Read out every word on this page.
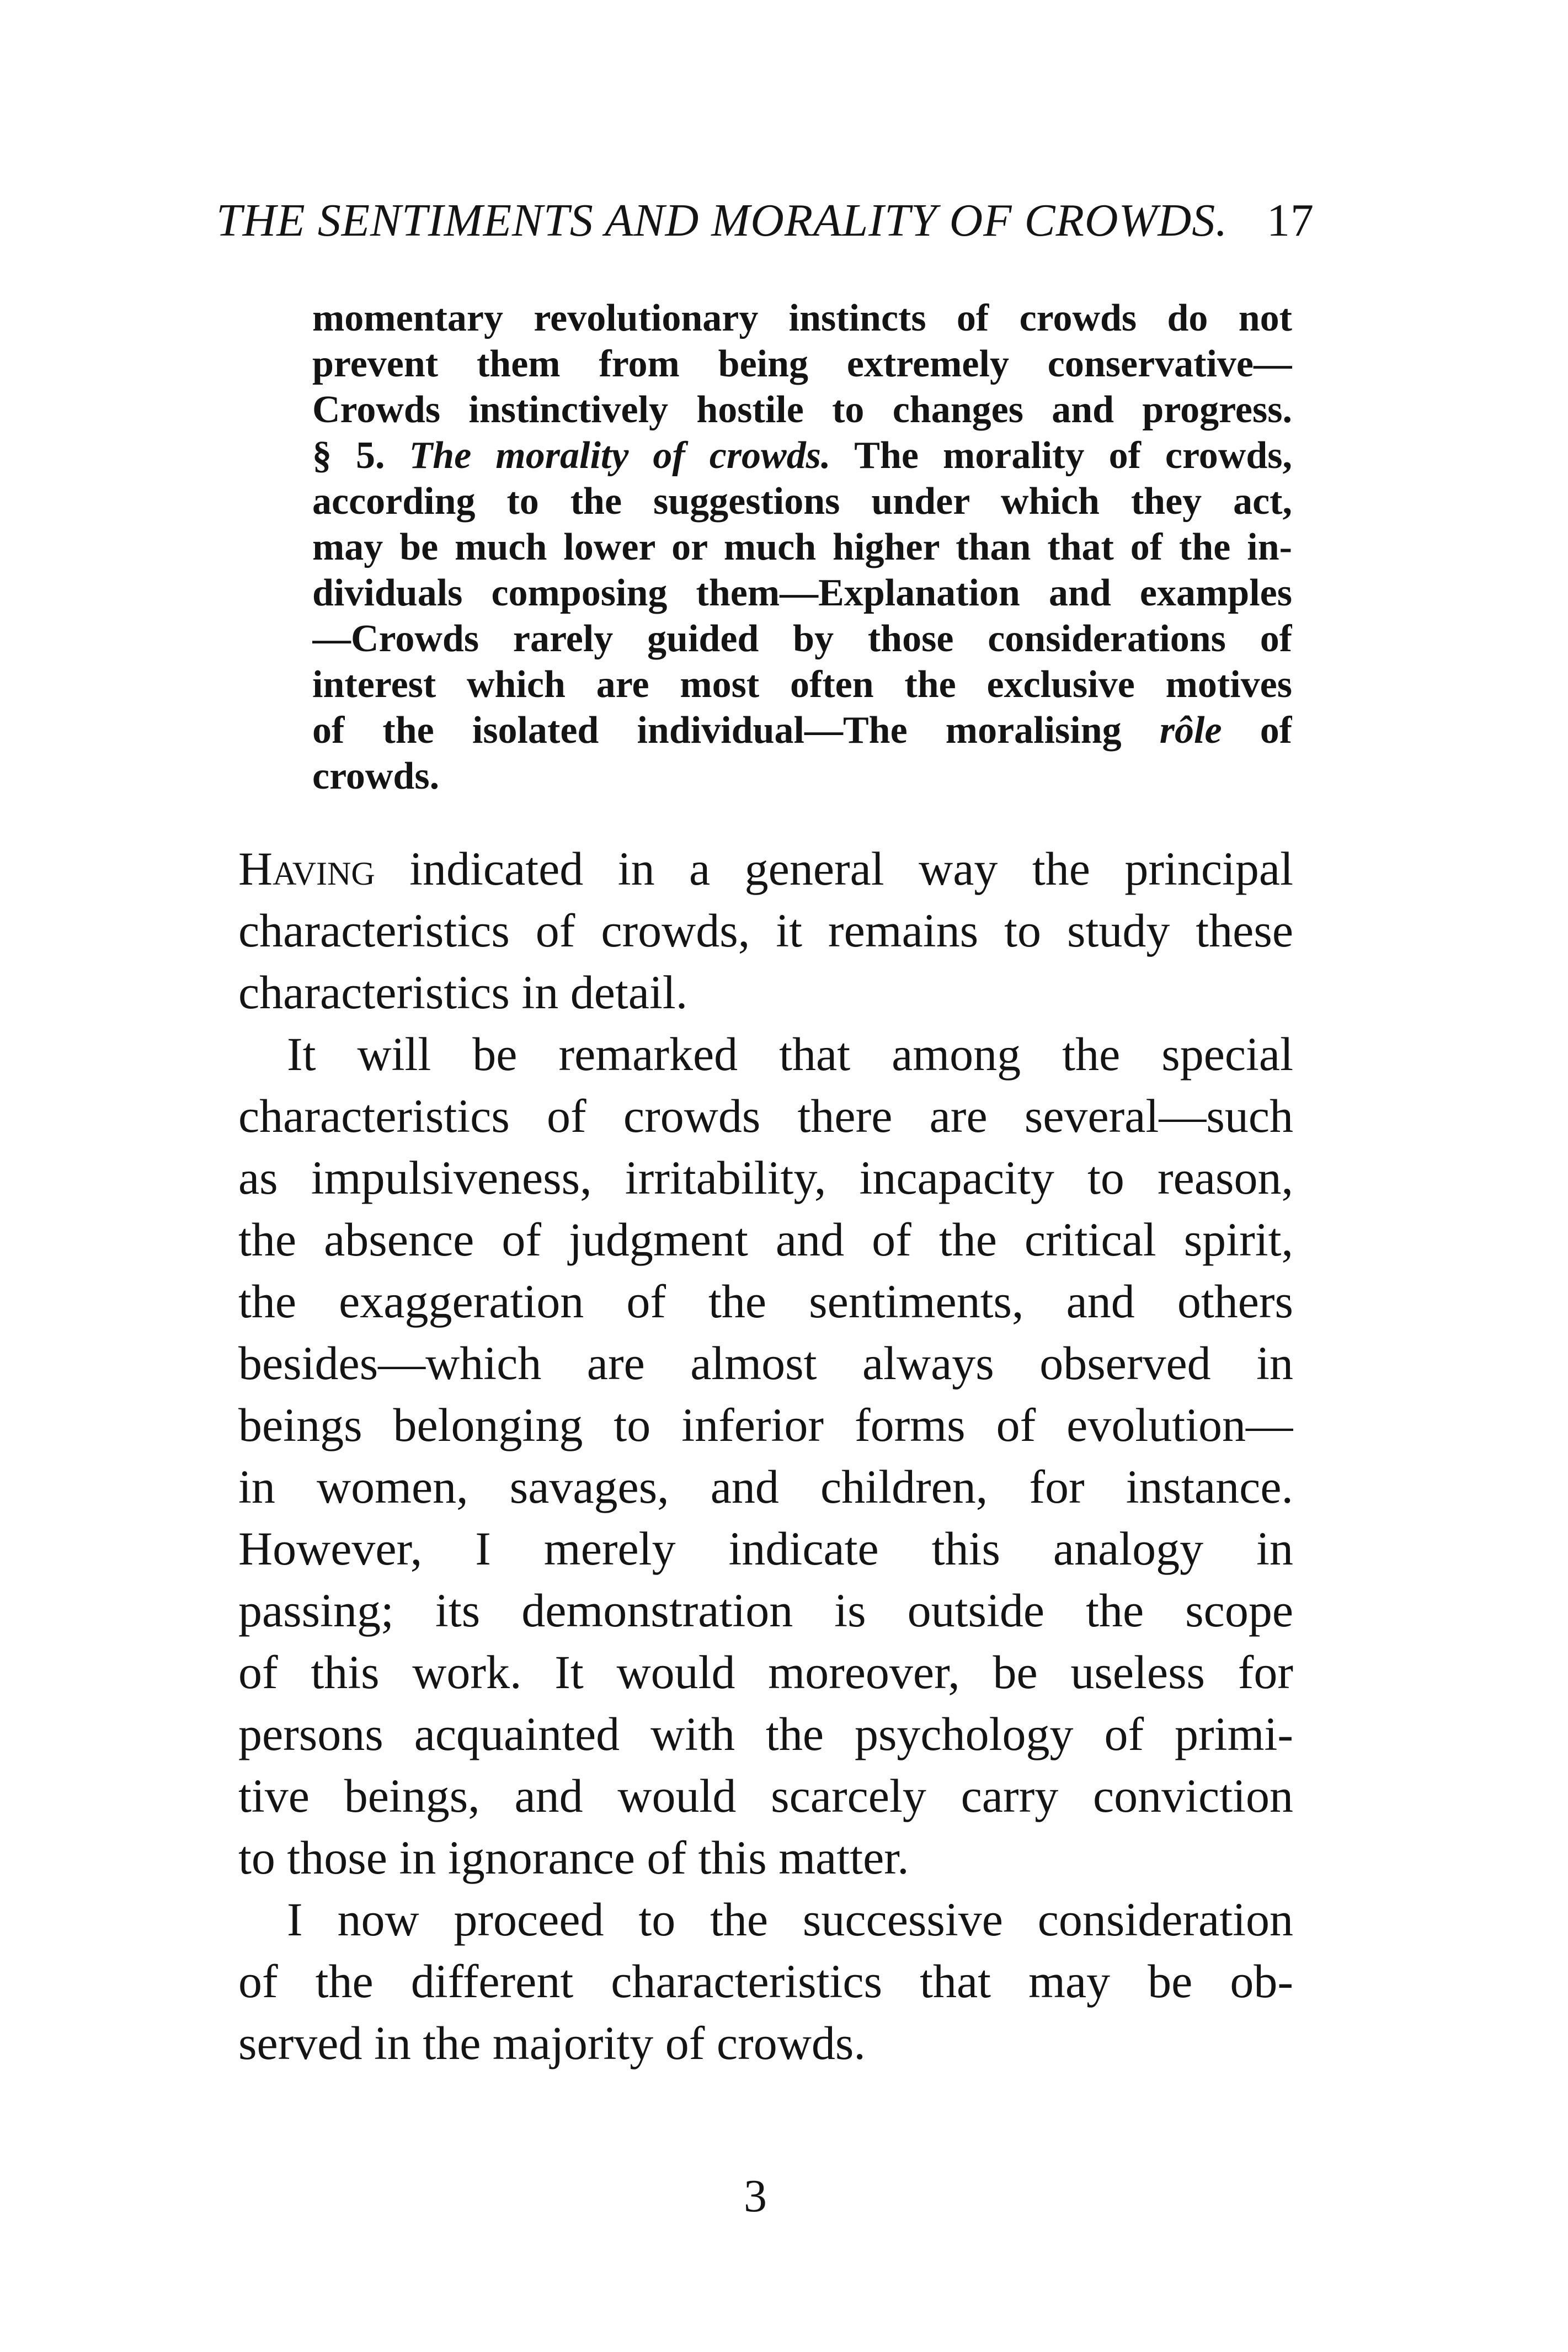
THE SENTIMENTS AND MORALITY OF CROWDS. 17
momentary revolutionary instincts of crowds do not
prevent them from being extremely conservative—
Crowds instinctively hostile to changes and progress.
§ 5. The morality of crowds. The morality of crowds,
according to the suggestions under which they act,
may be much lower or much higher than that of the in-
dividuals composing them—Explanation and examples
—Crowds rarely guided by those considerations of
interest which are most often the exclusive motives
of the isolated individual—The moralising rôle of
crowds.
Having indicated in a general way the principal
characteristics of crowds, it remains to study these
characteristics in detail.
It will be remarked that among the special
characteristics of crowds there are several—such
as impulsiveness, irritability, incapacity to reason,
the absence of judgment and of the critical spirit,
the exaggeration of the sentiments, and others
besides—which are almost always observed in
beings belonging to inferior forms of evolution—
in women, savages, and children, for instance.
However, I merely indicate this analogy in
passing; its demonstration is outside the scope
of this work. It would moreover, be useless for
persons acquainted with the psychology of primi-
tive beings, and would scarcely carry conviction
to those in ignorance of this matter.
I now proceed to the successive consideration
of the different characteristics that may be ob-
served in the majority of crowds.
3
